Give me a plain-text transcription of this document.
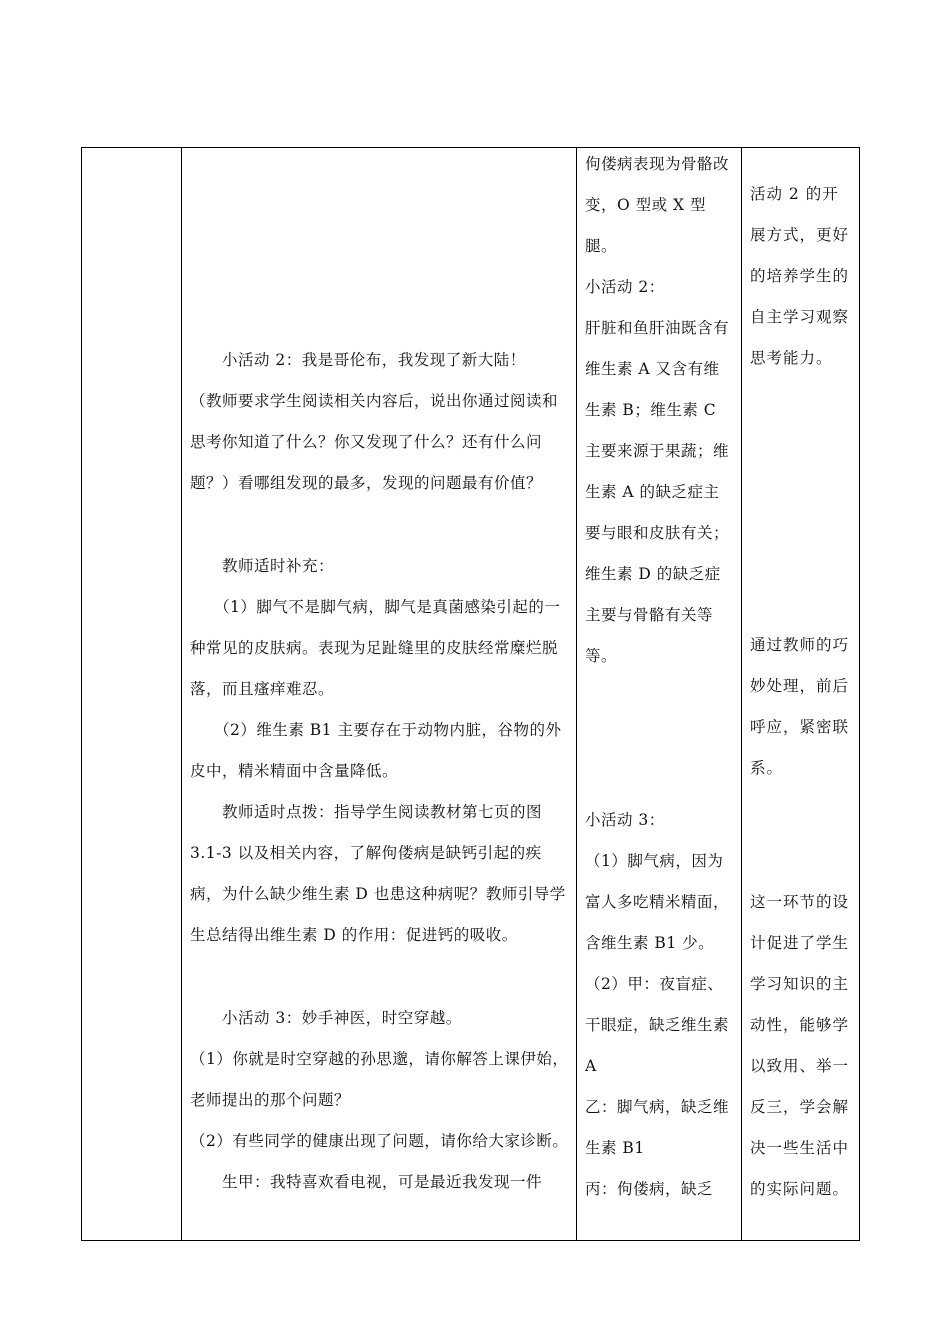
小活动 2：我是哥伦布，我发现了新大陆！

（教师要求学生阅读相关内容后，说出你通过阅读和思考你知道了什么？你又发现了什么？还有什么问题？）看哪组发现的最多，发现的问题最有价值？

教师适时补充：

（1）脚气不是脚气病，脚气是真菌感染引起的一种常见的皮肤病。表现为足趾缝里的皮肤经常糜烂脱落，而且瘙痒难忍。

（2）维生素 B1 主要存在于动物内脏，谷物的外皮中，精米精面中含量降低。

教师适时点拨：指导学生阅读教材第七页的图 3.1-3 以及相关内容，了解佝偻病是缺钙引起的疾病，为什么缺少维生素 D 也患这种病呢？教师引导学生总结得出维生素 D 的作用：促进钙的吸收。

小活动 3：妙手神医，时空穿越。

（1）你就是时空穿越的孙思邈，请你解答上课伊始，老师提出的那个问题？

（2）有些同学的健康出现了问题，请你给大家诊断。

生甲：我特喜欢看电视，可是最近我发现一件

佝偻病表现为骨骼改变，O 型或 X 型腿。

小活动 2：

肝脏和鱼肝油既含有维生素 A 又含有维生素 B；维生素 C 主要来源于果蔬；维生素 A 的缺乏症主要与眼和皮肤有关；维生素 D 的缺乏症主要与骨骼有关等等。

小活动 3：

（1）脚气病，因为富人多吃精米精面，含维生素 B1 少。

（2）甲：夜盲症、干眼症，缺乏维生素 A

乙：脚气病，缺乏维生素 B1

丙：佝偻病，缺乏

活动 2 的开展方式，更好的培养学生的自主学习观察思考能力。

通过教师的巧妙处理，前后呼应，紧密联系。

这一环节的设计促进了学生学习知识的主动性，能够学以致用、举一反三，学会解决一些生活中的实际问题。
